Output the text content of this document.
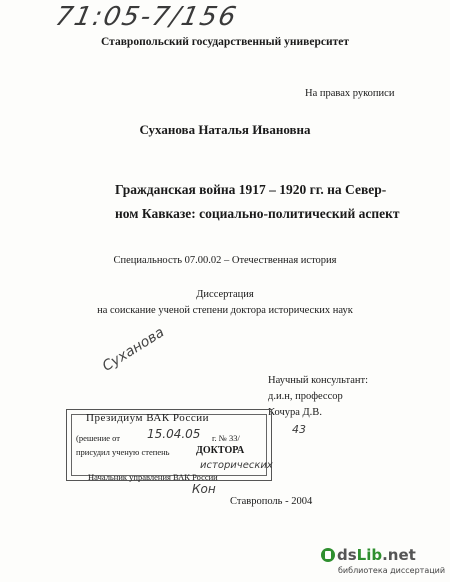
71:05-7/156
Ставропольский государственный университет
На правах рукописи
Суханова Наталья Ивановна
Гражданская война 1917 – 1920 гг. на Север-
ном Кавказе: социально-политический аспект
Специальность 07.00.02 – Отечественная история
Диссертация
на соискание ученой степени доктора исторических наук
Суханова
Научный консультант:
д.и.н, профессор
Кочура Д.В.
Президиум ВАК России
(решение от 15.04.05 г. № 33/
43
присудил ученую степень	ДОКТОРА
исторических
Начальник управления ВАК России
Кон
Ставрополь - 2004
dsLib.net
библиотека диссертаций
